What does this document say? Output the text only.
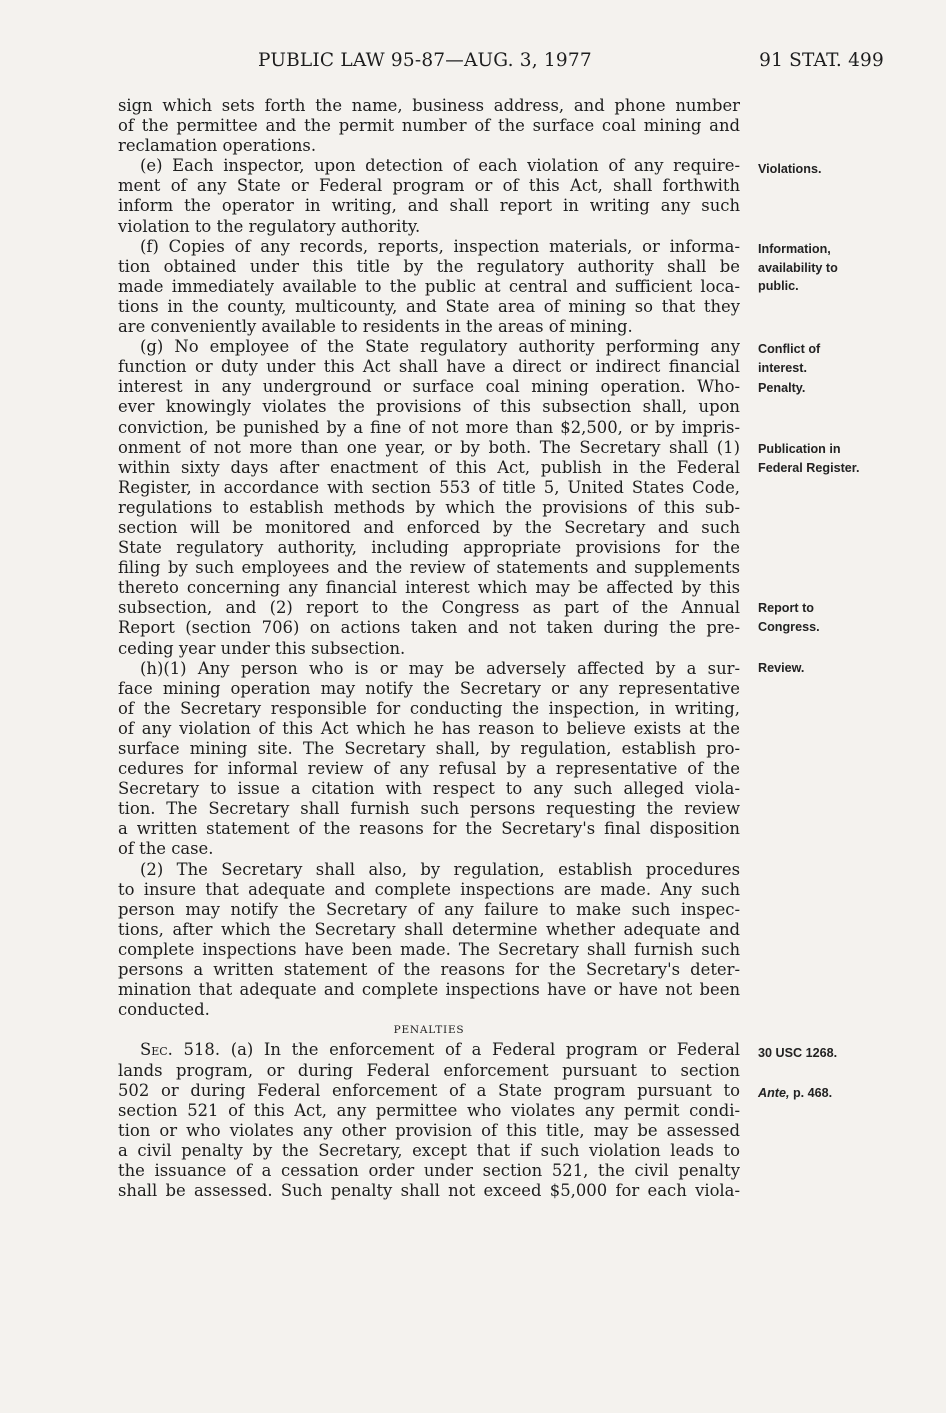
PUBLIC LAW 95-87—AUG. 3, 1977	91 STAT. 499
sign which sets forth the name, business address, and phone number
of the permittee and the permit number of the surface coal mining and
reclamation operations.
(e) Each inspector, upon detection of each violation of any require-
ment of any State or Federal program or of this Act, shall forthwith
inform the operator in writing, and shall report in writing any such
violation to the regulatory authority.
(f) Copies of any records, reports, inspection materials, or informa-
tion obtained under this title by the regulatory authority shall be
made immediately available to the public at central and sufficient loca-
tions in the county, multicounty, and State area of mining so that they
are conveniently available to residents in the areas of mining.
(g) No employee of the State regulatory authority performing any
function or duty under this Act shall have a direct or indirect financial
interest in any underground or surface coal mining operation. Who-
ever knowingly violates the provisions of this subsection shall, upon
conviction, be punished by a fine of not more than $2,500, or by impris-
onment of not more than one year, or by both. The Secretary shall (1)
within sixty days after enactment of this Act, publish in the Federal
Register, in accordance with section 553 of title 5, United States Code,
regulations to establish methods by which the provisions of this sub-
section will be monitored and enforced by the Secretary and such
State regulatory authority, including appropriate provisions for the
filing by such employees and the review of statements and supplements
thereto concerning any financial interest which may be affected by this
subsection, and (2) report to the Congress as part of the Annual
Report (section 706) on actions taken and not taken during the pre-
ceding year under this subsection.
(h)(1) Any person who is or may be adversely affected by a sur-
face mining operation may notify the Secretary or any representative
of the Secretary responsible for conducting the inspection, in writing,
of any violation of this Act which he has reason to believe exists at the
surface mining site. The Secretary shall, by regulation, establish pro-
cedures for informal review of any refusal by a representative of the
Secretary to issue a citation with respect to any such alleged viola-
tion. The Secretary shall furnish such persons requesting the review
a written statement of the reasons for the Secretary's final disposition
of the case.
(2) The Secretary shall also, by regulation, establish procedures
to insure that adequate and complete inspections are made. Any such
person may notify the Secretary of any failure to make such inspec-
tions, after which the Secretary shall determine whether adequate and
complete inspections have been made. The Secretary shall furnish such
persons a written statement of the reasons for the Secretary's deter-
mination that adequate and complete inspections have or have not been
conducted.
PENALTIES
Sec. 518. (a) In the enforcement of a Federal program or Federal
lands program, or during Federal enforcement pursuant to section
502 or during Federal enforcement of a State program pursuant to
section 521 of this Act, any permittee who violates any permit condi-
tion or who violates any other provision of this title, may be assessed
a civil penalty by the Secretary, except that if such violation leads to
the issuance of a cessation order under section 521, the civil penalty
shall be assessed. Such penalty shall not exceed $5,000 for each viola-
Violations.
Information,
availability to
public.
Conflict of
interest.
Penalty.
Publication in
Federal Register.
Report to
Congress.
Review.
30 USC 1268.
Ante, p. 468.
